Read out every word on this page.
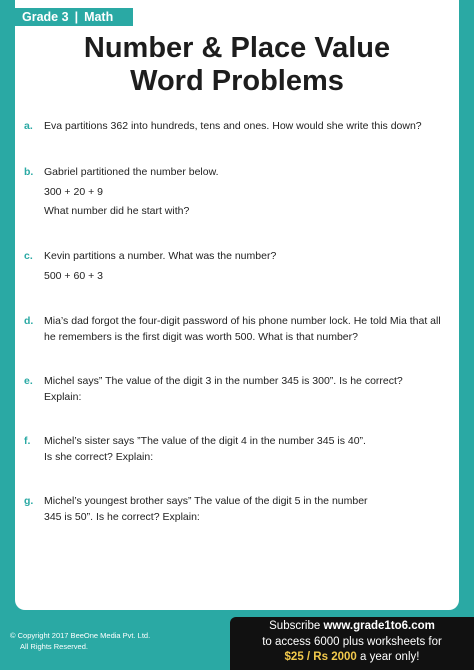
Grade 3 | Math
Number & Place Value
Word Problems
a. Eva partitions 362 into hundreds, tens and ones. How would she write this down?
b. Gabriel partitioned the number below.
300 + 20 + 9
What number did he start with?
c. Kevin partitions a number. What was the number?
500 + 60 + 3
d. Mia’s dad forgot the four-digit password of his phone number lock. He told Mia that all
he remembers is the first digit was worth 500. What is that number?
e. Michel says” The value of the digit 3 in the number 345 is 300”. Is he correct?
Explain:
f. Michel’s sister says ”The value of the digit 4 in the number 345 is 40”.
Is she correct? Explain:
g. Michel’s youngest brother says” The value of the digit 5 in the number
345 is 50”. Is he correct? Explain:
© Copyright 2017 BeeOne Media Pvt. Ltd.
All Rights Reserved.
Subscribe www.grade1to6.com
to access 6000 plus worksheets for
$25 / Rs 2000 a year only!
